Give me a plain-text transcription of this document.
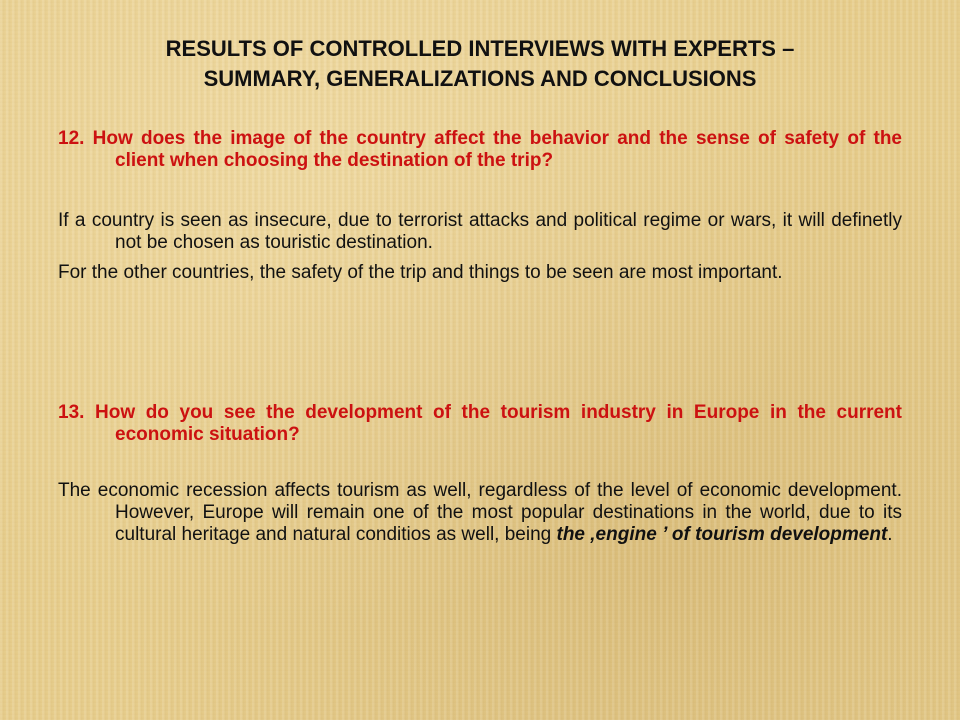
RESULTS OF CONTROLLED INTERVIEWS WITH EXPERTS –
SUMMARY, GENERALIZATIONS AND CONCLUSIONS
12. How does the image of the country affect the behavior and the sense of safety of the client when choosing the destination of the trip?
If a country is seen as insecure, due to terrorist attacks and political regime or wars, it will definetly not be chosen as touristic destination.
For the other countries, the safety of the trip and things to be seen are most important.
13. How do you see the development of the tourism industry in Europe in the current economic situation?
The economic recession affects tourism as well, regardless of the level of economic development. However, Europe will remain one of the most popular destinations in the world, due to its cultural heritage and natural conditios as well, being the ‚engine ’ of tourism development.
